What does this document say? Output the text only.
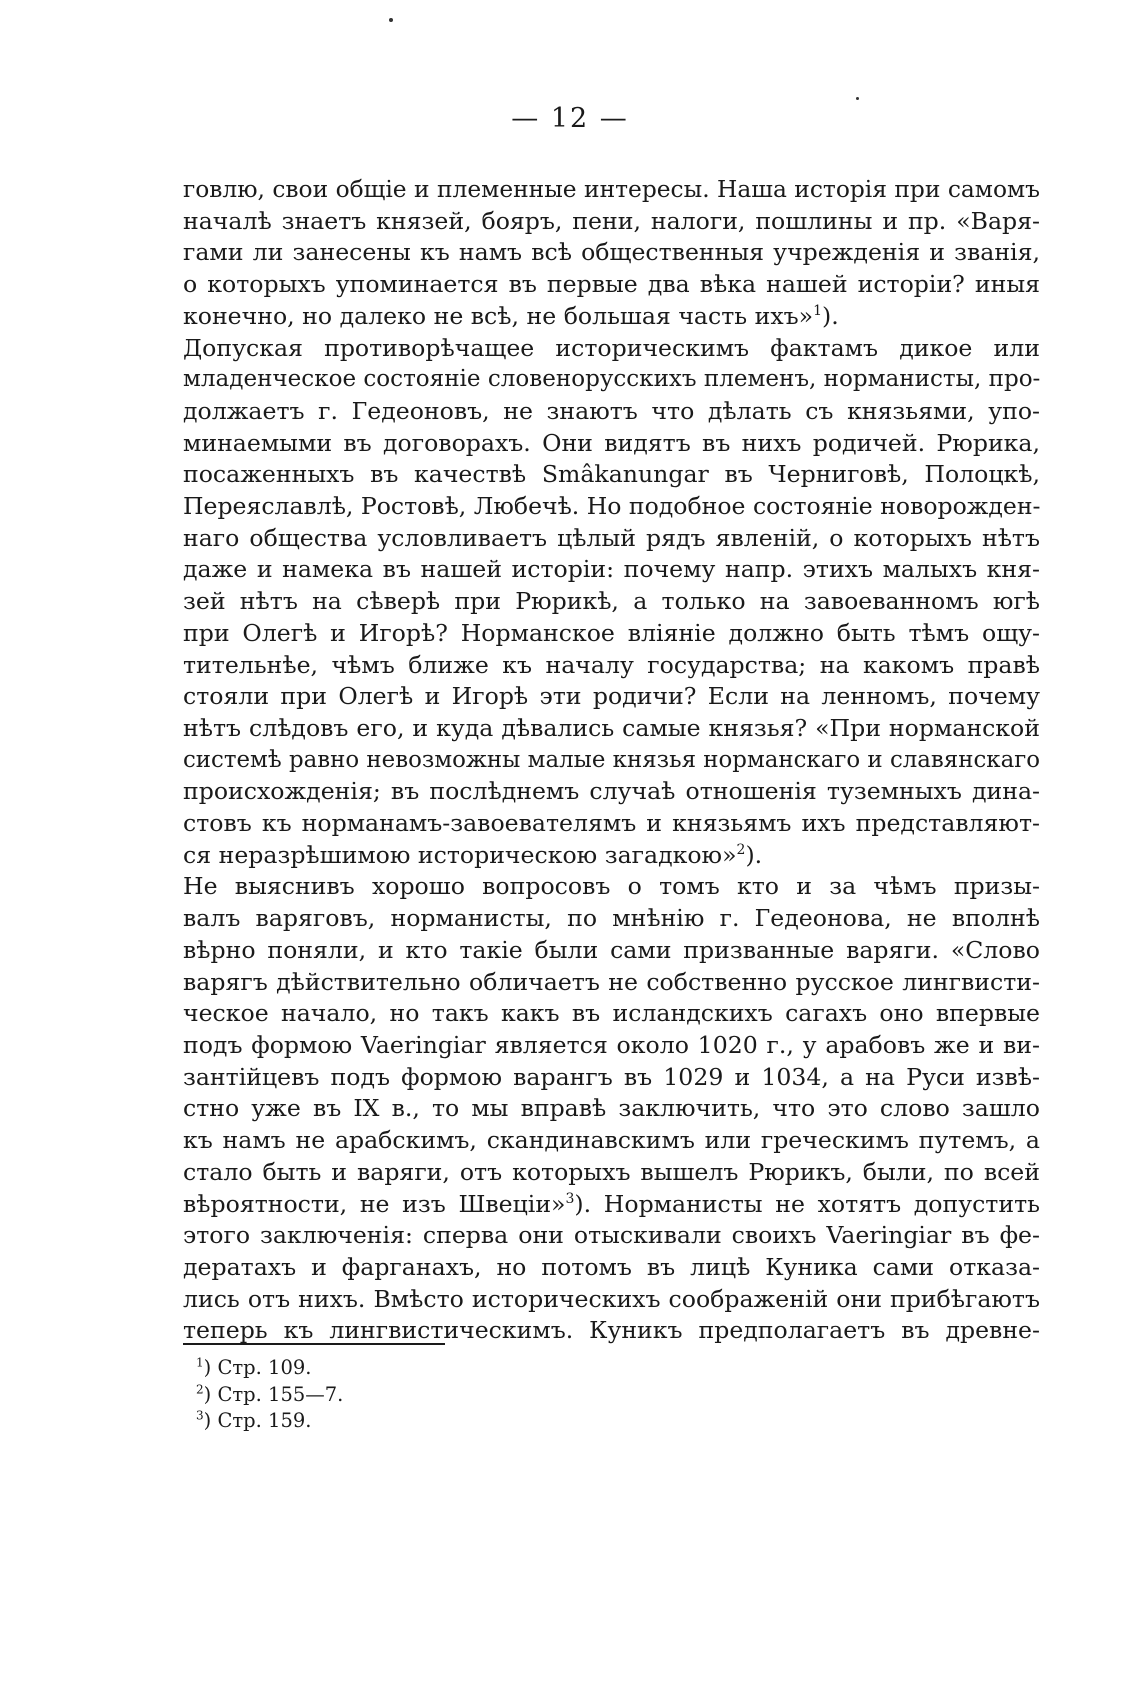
— 12 —
говлю, свои общіе и племенные интересы. Наша исторія при самомъ
началѣ знаетъ князей, бояръ, пени, налоги, пошлины и пр. «Варя-
гами ли занесены къ намъ всѣ общественныя учрежденія и званія,
о которыхъ упоминается въ первые два вѣка нашей исторіи? иныя
конечно, но далеко не всѣ, не большая часть ихъ»$^1$).
Допуская противорѣчащее историческимъ фактамъ дикое или
младенческое состояніе словенорусскихъ племенъ, норманисты, про-
должаетъ г. Гедеоновъ, не знаютъ что дѣлать съ князьями, упо-
минаемыми въ договорахъ. Они видятъ въ нихъ родичей. Рюрика,
посаженныхъ въ качествѣ Smâkanungar въ Черниговѣ, Полоцкѣ,
Переяславлѣ, Ростовѣ, Любечѣ. Но подобное состояніе новорожден-
наго общества условливаетъ цѣлый рядъ явленій, о которыхъ нѣтъ
даже и намека въ нашей исторіи: почему напр. этихъ малыхъ кня-
зей нѣтъ на сѣверѣ при Рюрикѣ, а только на завоеванномъ югѣ
при Олегѣ и Игорѣ? Норманское вліяніе должно быть тѣмъ ощу-
тительнѣе, чѣмъ ближе къ началу государства; на какомъ правѣ
стояли при Олегѣ и Игорѣ эти родичи? Если на ленномъ, почему
нѣтъ слѣдовъ его, и куда дѣвались самые князья? «При норманской
системѣ равно невозможны малые князья норманскаго и славянскаго
происхожденія; въ послѣднемъ случаѣ отношенія туземныхъ дина-
стовъ къ норманамъ-завоевателямъ и князьямъ ихъ представляют-
ся неразрѣшимою историческою загадкою»$^2$).
Не выяснивъ хорошо вопросовъ о томъ кто и за чѣмъ призы-
валъ варяговъ, норманисты, по мнѣнію г. Гедеонова, не вполнѣ
вѣрно поняли, и кто такіе были сами призванные варяги. «Слово
варягъ дѣйствительно обличаетъ не собственно русское лингвисти-
ческое начало, но такъ какъ въ исландскихъ сагахъ оно впервые
подъ формою Vaeringiar является около 1020 г., у арабовъ же и ви-
зантійцевъ подъ формою варангъ въ 1029 и 1034, а на Руси извѣ-
стно уже въ IX в., то мы вправѣ заключить, что это слово зашло
къ намъ не арабскимъ, скандинавскимъ или греческимъ путемъ, а
стало быть и варяги, отъ которыхъ вышелъ Рюрикъ, были, по всей
вѣроятности, не изъ Швеціи»$^3$). Норманисты не хотятъ допустить
этого заключенія: сперва они отыскивали своихъ Vaeringiar въ фе-
дератахъ и фарганахъ, но потомъ въ лицѣ Куника сами отказа-
лись отъ нихъ. Вмѣсто историческихъ соображеній они прибѣгаютъ
теперь къ лингвистическимъ. Куникъ предполагаетъ въ древне-
$^1$) Стр. 109.
$^2$) Стр. 155—7.
$^3$) Стр. 159.
